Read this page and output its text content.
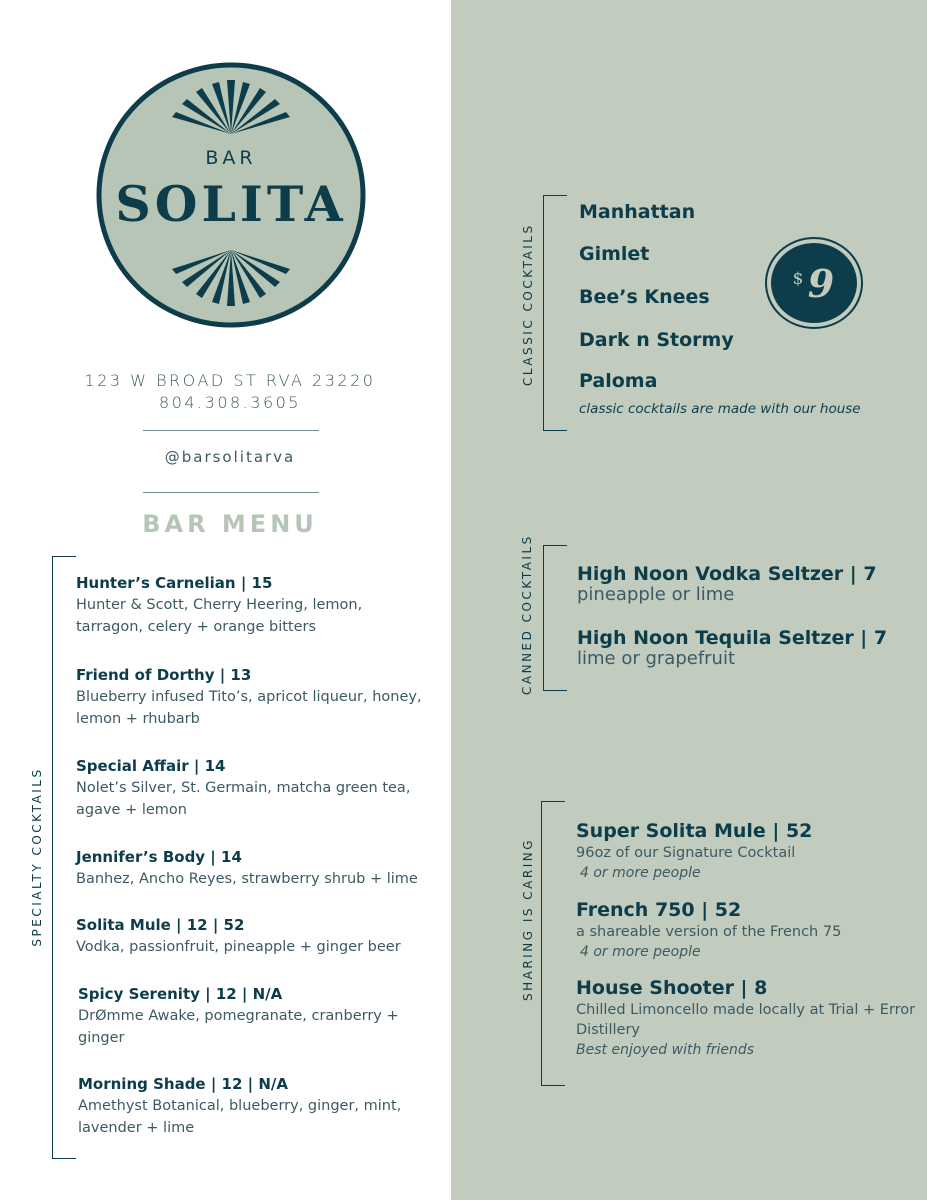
BAR
SOLITA
123 W BROAD ST RVA 23220
804.308.3605
@barsolitarva
BAR MENU
SPECIALTY COCKTAILS
Hunter’s Carnelian | 15
Hunter & Scott, Cherry Heering, lemon, tarragon, celery + orange bitters
Friend of Dorthy | 13
Blueberry infused Tito’s, apricot liqueur, honey, lemon + rhubarb
Special Affair | 14
Nolet’s Silver, St. Germain, matcha green tea, agave + lemon
Jennifer’s Body | 14
Banhez, Ancho Reyes, strawberry shrub + lime
Solita Mule | 12 | 52
Vodka, passionfruit, pineapple + ginger beer
Spicy Serenity | 12 | N/A
DrØmme Awake, pomegranate, cranberry + ginger
Morning Shade | 12 | N/A
Amethyst Botanical, blueberry, ginger, mint, lavender + lime
CLASSIC COCKTAILS
Manhattan
Gimlet
Bee’s Knees
Dark n Stormy
Paloma
classic cocktails are made with our house
$ 9
CANNED COCKTAILS High Noon Vodka Seltzer | 7
pineapple or lime
High Noon Tequila Seltzer | 7
lime or grapefruit
SHARING IS CARING
Super Solita Mule | 52
96oz of our Signature Cocktail
4 or more people
French 750 | 52
a shareable version of the French 75
4 or more people
House Shooter | 8
Chilled Limoncello made locally at Trial + Error Distillery
Best enjoyed with friends
